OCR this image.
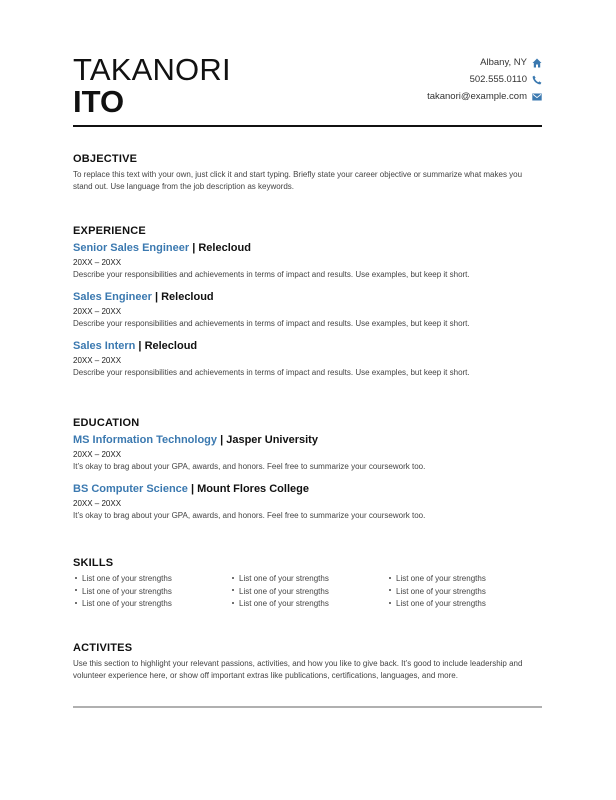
TAKANORI
ITO
Albany, NY
502.555.0110
takanori@example.com
OBJECTIVE
To replace this text with your own, just click it and start typing. Briefly state your career objective or summarize what makes you stand out. Use language from the job description as keywords.
EXPERIENCE
Senior Sales Engineer | Relecloud
20XX – 20XX
Describe your responsibilities and achievements in terms of impact and results. Use examples, but keep it short.
Sales Engineer | Relecloud
20XX – 20XX
Describe your responsibilities and achievements in terms of impact and results. Use examples, but keep it short.
Sales Intern | Relecloud
20XX – 20XX
Describe your responsibilities and achievements in terms of impact and results. Use examples, but keep it short.
EDUCATION
MS Information Technology | Jasper University
20XX – 20XX
It’s okay to brag about your GPA, awards, and honors. Feel free to summarize your coursework too.
BS Computer Science | Mount Flores College
20XX – 20XX
It’s okay to brag about your GPA, awards, and honors. Feel free to summarize your coursework too.
SKILLS
List one of your strengths	List one of your strengths	List one of your strengths
List one of your strengths	List one of your strengths	List one of your strengths
List one of your strengths	List one of your strengths	List one of your strengths
ACTIVITES
Use this section to highlight your relevant passions, activities, and how you like to give back. It’s good to include leadership and volunteer experience here, or show off important extras like publications, certifications, languages, and more.
